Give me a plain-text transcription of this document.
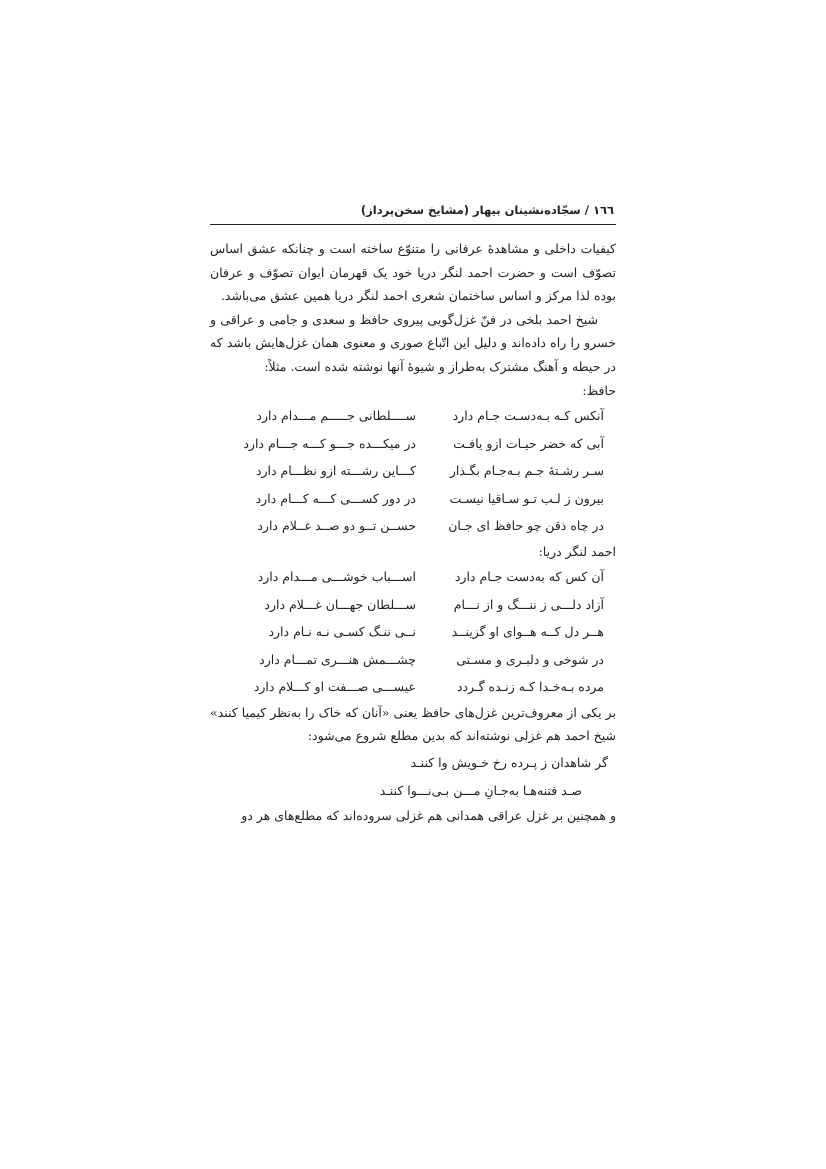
١٦٦ / سجّاده‌نشینان بیهار (مشایخ سخن‌پرداز)

کیفیات داخلی و مشاهدهٔ عرفانی را متنوّع ساخته است و چنانکه عشق اساس تصوّف است و حضرت احمد لنگر دریا خود یک قهرمان ایوان تصوّف و عرفان بوده لذا مرکز و اساس ساختمان شعری احمد لنگر دریا همین عشق می‌باشد.

شیخ احمد بلخی در فنّ غزل‌گویی پیروی حافظ و سعدی و جامی و عراقی و خسرو را راه داده‌اند و دلیل این اتّباع صوری و معنوی همان غزل‌هایش باشد که در حیطه و آهنگ مشترک به‌طراز و شیوهٔ آنها نوشته شده است. مثلاً:

حافظ:

آنکس کـه بـه‌دسـت جـام دارد
ســــلطانی جـــــم مـــدام دارد
آبی که خضر حیـات ازو یافـت
در میکـــده جـــو کـــه جـــام دارد
سـر رشـتهٔ جـم بـه‌جـام بگـذار
کـــاین رشـــته ازو نظـــام دارد
بیرون ز لـب تـو سـاقیا نیسـت
در دور کســـی کـــه کـــام دارد
در چاه ذقن چو حافظ ای جـان
حســن تــو دو صــد غــلام دارد

احمد لنگر دریا:

آن کس که به‌دست جـام دارد
اســـباب خوشـــی مـــدام دارد
آزاد دلـــی ز ننـــگ و از نـــام
ســـلطان جهـــان غـــلام دارد
هــر دل کــه هــوای او گزینــد
نــی ننـگ کسـی نـه نـام دارد
در شوخی و دلبـری و مسـتی
چشـــمش هنـــری تمـــام دارد
مرده بـه‌خـدا کـه زنـده گـردد
عیســـی صـــفت او کـــلام دارد

بر یکی از معروف‌ترین غزل‌های حافظ یعنی «آنان که خاک را به‌نظر کیمیا کنند» شیخ احمد هم غزلی نوشته‌اند که بدین مطلع شروع می‌شود:

گر شاهدان ز پـرده رخ خـویش وا کننـد

صـد فتنه‌هـا به‌جـانِ مـــن بـی‌نـــوا کننـد

و همچنین بر غزل عراقی همدانی هم غزلی سروده‌اند که مطلع‌های هر دو
